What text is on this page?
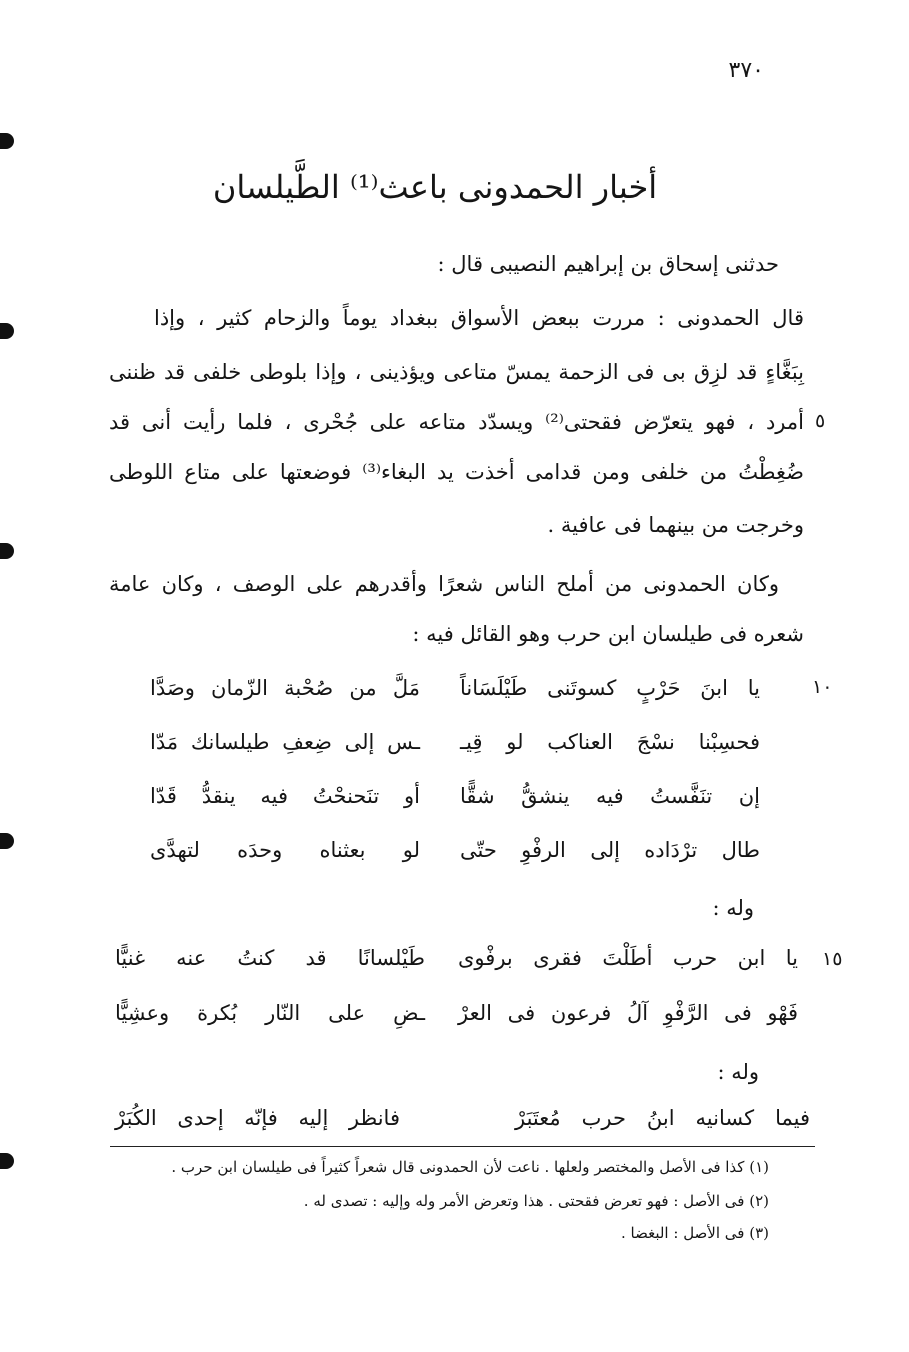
٣٧٠
أخبار الحمدونى باعث⁽¹⁾ الطَّيلسان
حدثنى إسحاق بن إبراهيم النصيبى قال :
قال الحمدونى : مررت ببعض الأسواق ببغداد يوماً والزحام كثير ، وإذا
بِبَغَّاءٍ قد لزِق بى فى الزحمة يمسّ متاعى ويؤذينى ، وإذا بلوطى خلفى قد ظننى
أمرد ، فهو يتعرّض فقحتى⁽²⁾ ويسدّد متاعه على جُحْرى ، فلما رأيت أنى قد
ضُغِطْتُ من خلفى ومن قدامى أخذت يد البغاء⁽³⁾ فوضعتها على متاع اللوطى
وخرجت من بينهما فى عافية .
وكان الحمدونى من أملح الناس شعرًا وأقدرهم على الوصف ، وكان عامة
شعره فى طيلسان ابن حرب وهو القائل فيه :
٥
١٠
١٥
يا ابنَ حَرْبٍ كسوتَنى طَيْلَسَاناً
مَلَّ من صُحْبة الزّمان وصَدَّا
فحسِبْنا نسْجَ العناكب لو قِيـ
ـس إلى ضِعفِ طيلسانك مَدّا
إن تنَفَّستُ فيه ينشقُّ شقًّا
أو تنَحنحْتُ فيه ينقدُّ قَدّا
طال ترْدَاده إلى الرفْوِ حتّى
لو بعثناه وحدَه لتهدَّى
وله :
يا ابن حرب أطَلْتَ فقرى برفْوى
طَيْلسانًا قد كنتُ عنه غنيًّا
فَهْو فى الرَّفْوِ آلُ فرعون فى العرْ
ـضِ على النّار بُكرة وعشِيًّا
وله :
فيما كسانيه ابنُ حرب مُعتَبَرْ
فانظر إليه فإنّه إحدى الكُبَرْ
(١) كذا فى الأصل والمختصر ولعلها . ناعت لأن الحمدونى قال شعراً كثيراً فى طيلسان ابن حرب .
(٢) فى الأصل : فهو تعرض فقحتى . هذا وتعرض الأمر وله وإليه : تصدى له .
(٣) فى الأصل : البغضا .
